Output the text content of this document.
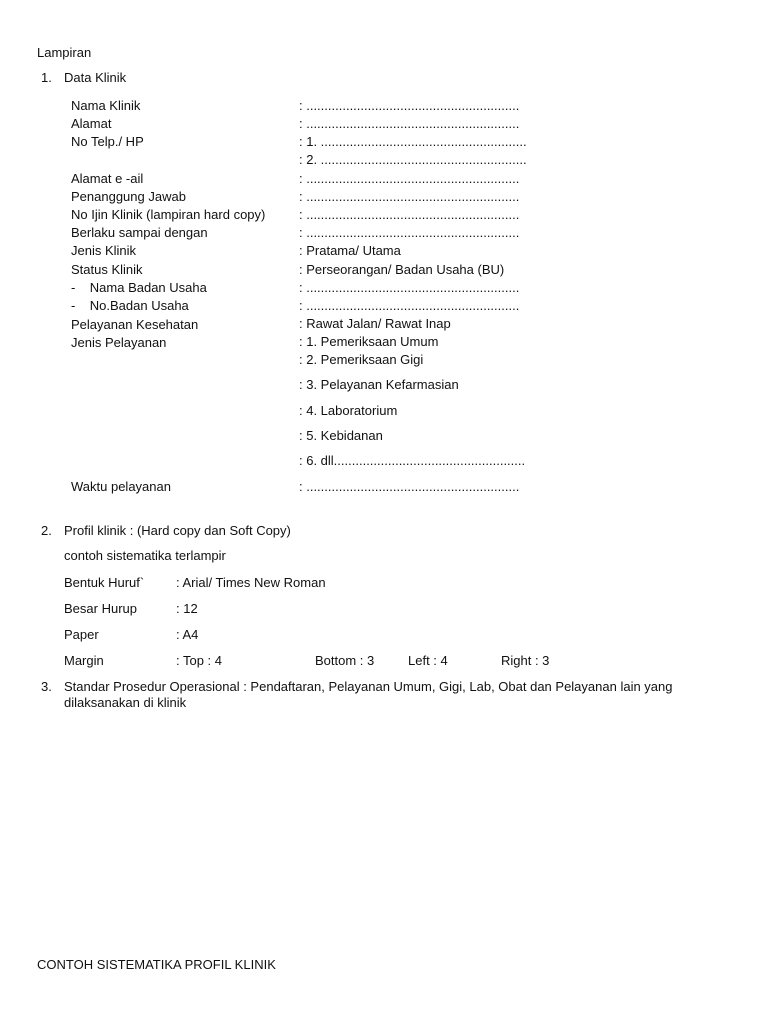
Lampiran
1. Data Klinik
Nama Klinik	: ...........................................................
Alamat	: ...........................................................
No Telp./ HP	: 1. .........................................................
: 2. .........................................................
Alamat e -ail	: ...........................................................
Penanggung Jawab	: ...........................................................
No Ijin Klinik (lampiran hard copy)	: ...........................................................
Berlaku sampai dengan	: ...........................................................
Jenis Klinik	: Pratama/ Utama
Status Klinik	: Perseorangan/ Badan Usaha (BU)
-    Nama Badan Usaha	: ...........................................................
-    No.Badan Usaha	: ...........................................................
Pelayanan Kesehatan	: Rawat Jalan/ Rawat Inap
Jenis Pelayanan	: 1. Pemeriksaan Umum
: 2. Pemeriksaan Gigi
: 3. Pelayanan Kefarmasian
: 4. Laboratorium
: 5. Kebidanan
: 6. dll.....................................................
Waktu pelayanan	: ...........................................................
2. Profil klinik : (Hard copy dan Soft Copy)
contoh sistematika terlampir
Bentuk Huruf` : Arial/ Times New Roman
Besar Hurup	: 12
Paper	: A4
Margin	: Top : 4	Bottom : 3	Left : 4	Right : 3
3. Standar Prosedur Operasional : Pendaftaran, Pelayanan Umum, Gigi, Lab, Obat dan Pelayanan lain yang
dilaksanakan di klinik
CONTOH SISTEMATIKA PROFIL KLINIK
